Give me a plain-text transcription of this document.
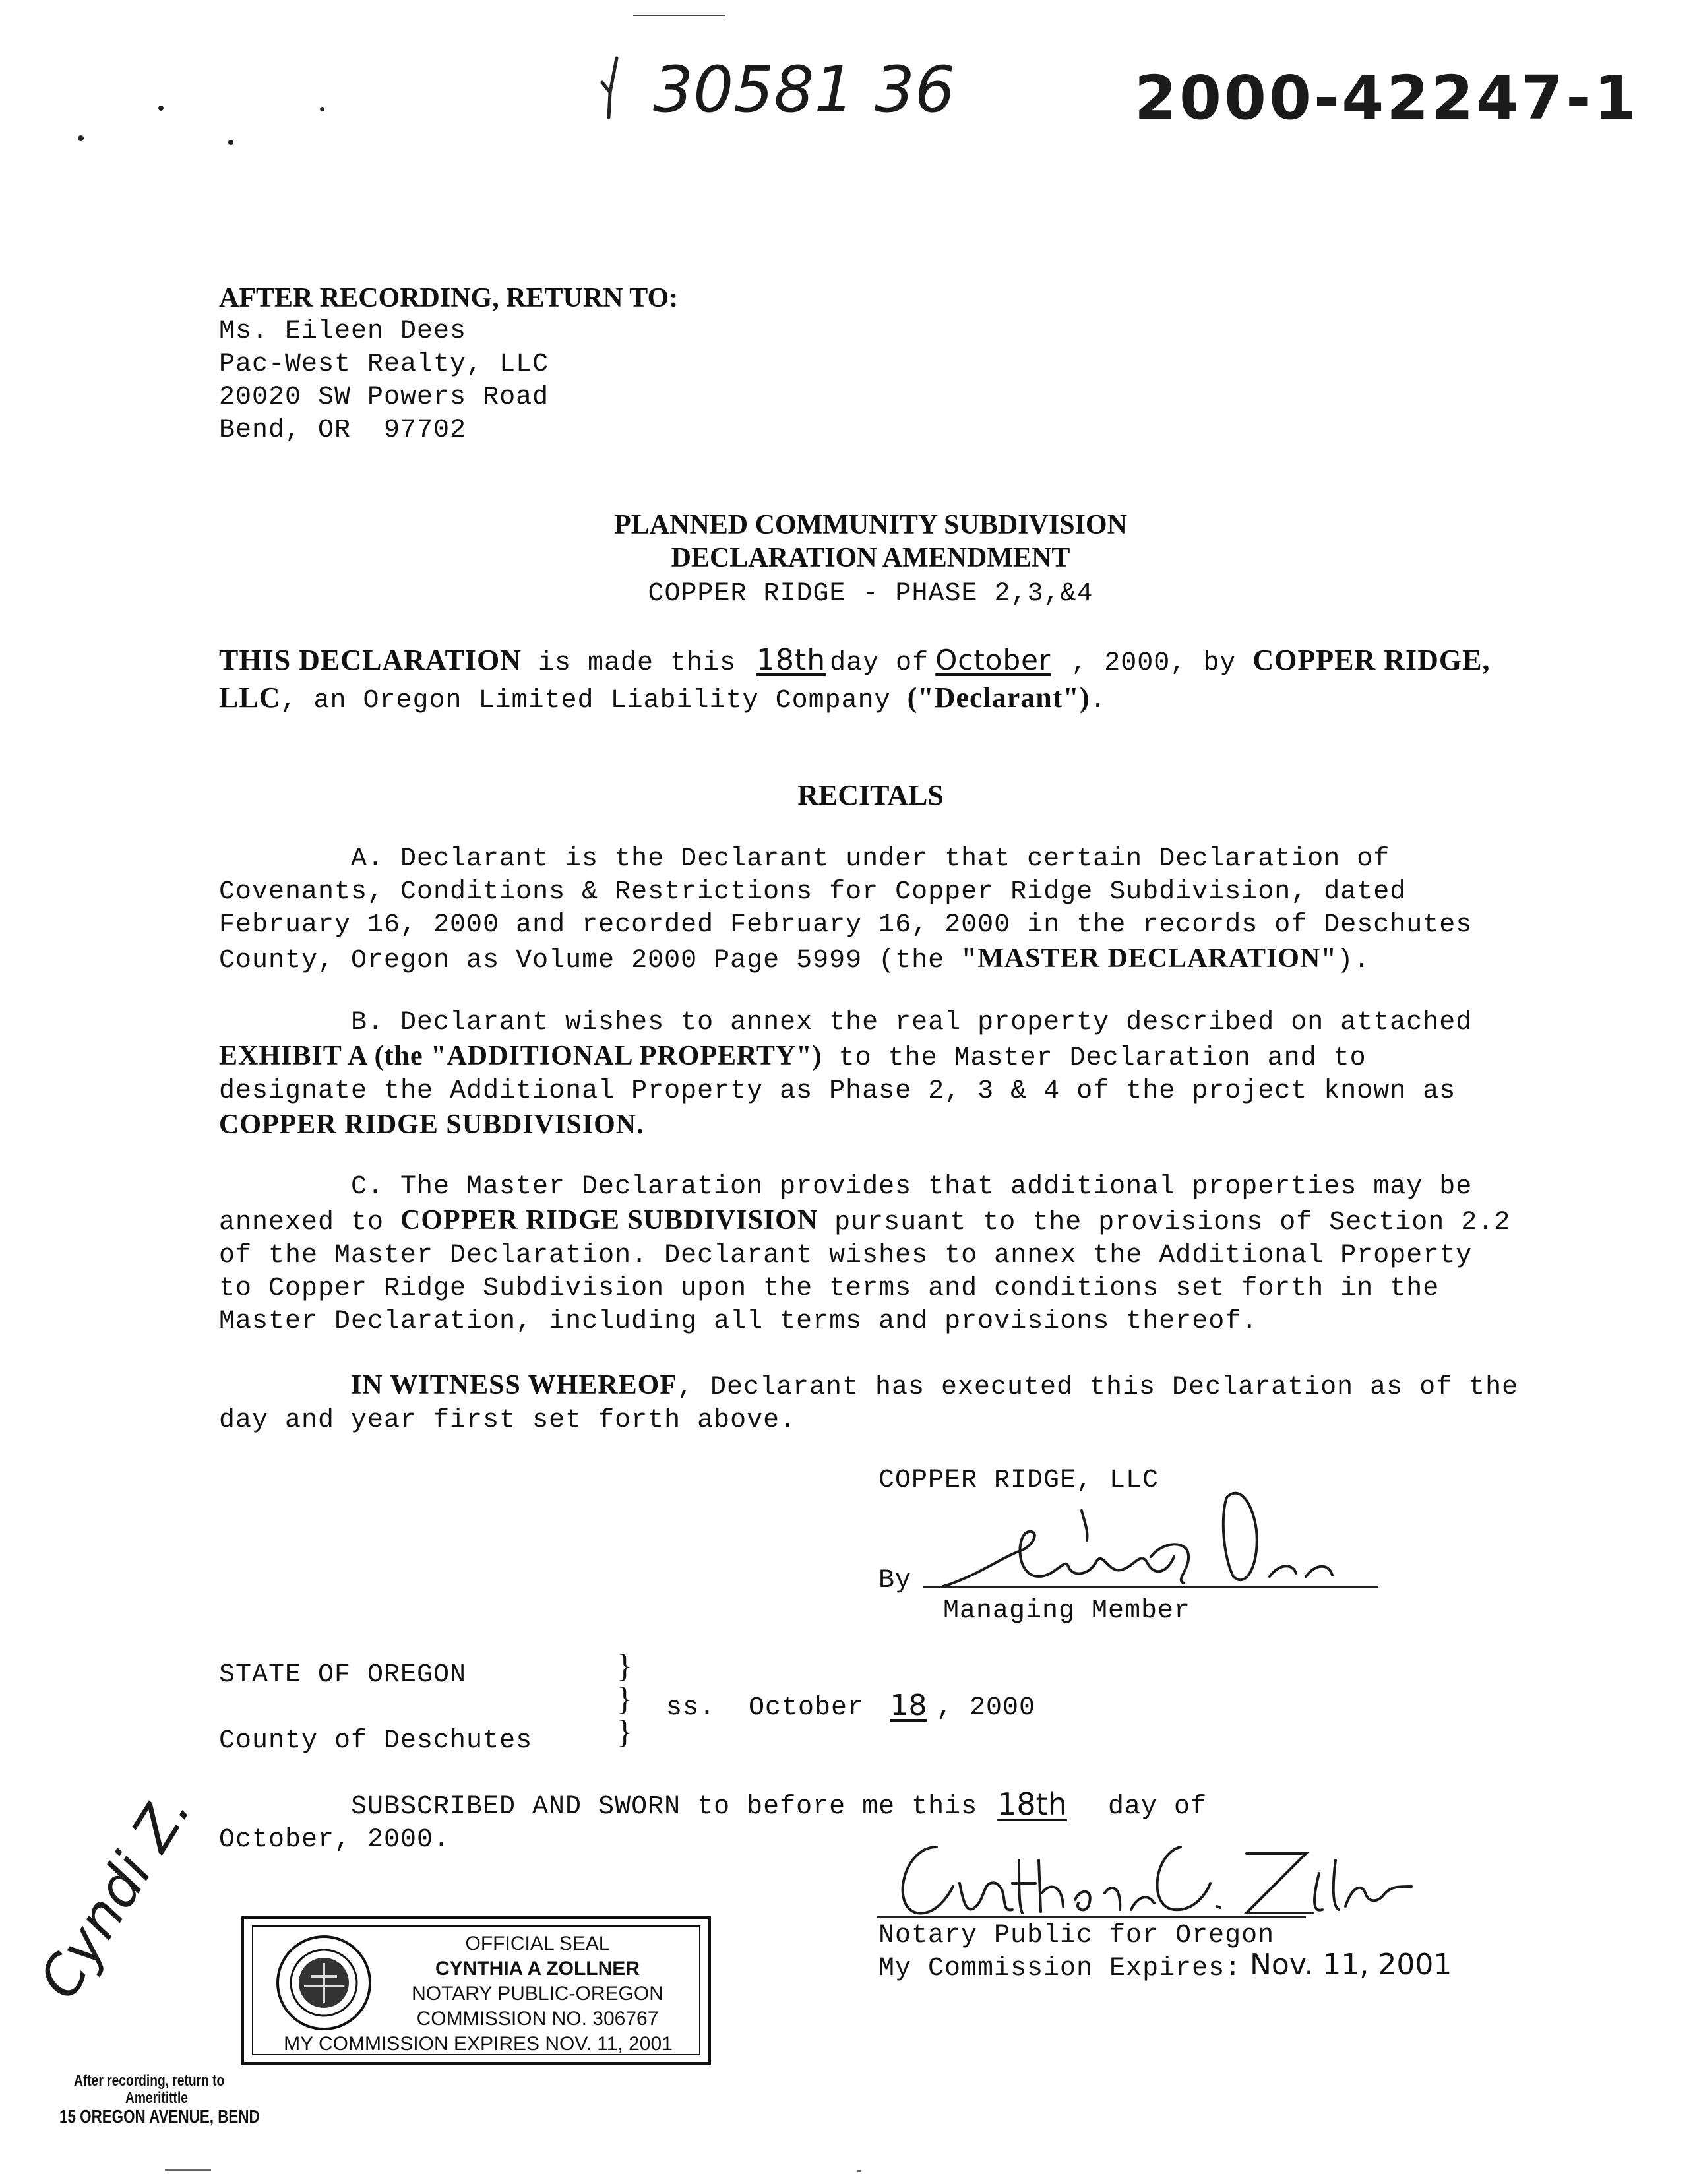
30581 36	2000-42247-1
AFTER RECORDING, RETURN TO:
Ms. Eileen Dees
Pac-West Realty, LLC
20020 SW Powers Road
Bend, OR  97702
PLANNED COMMUNITY SUBDIVISION
DECLARATION AMENDMENT
COPPER RIDGE - PHASE 2,3,&4
THIS DECLARATION is made this 18th day of October , 2000, by COPPER RIDGE, LLC, an Oregon Limited Liability Company ("Declarant").
RECITALS
A. Declarant is the Declarant under that certain Declaration of Covenants, Conditions & Restrictions for Copper Ridge Subdivision, dated February 16, 2000 and recorded February 16, 2000 in the records of Deschutes County, Oregon as Volume 2000 Page 5999 (the "MASTER DECLARATION").
B. Declarant wishes to annex the real property described on attached EXHIBIT A (the "ADDITIONAL PROPERTY") to the Master Declaration and to designate the Additional Property as Phase 2, 3 & 4 of the project known as COPPER RIDGE SUBDIVISION.
C. The Master Declaration provides that additional properties may be annexed to COPPER RIDGE SUBDIVISION pursuant to the provisions of Section 2.2 of the Master Declaration. Declarant wishes to annex the Additional Property to Copper Ridge Subdivision upon the terms and conditions set forth in the Master Declaration, including all terms and provisions thereof.
IN WITNESS WHEREOF, Declarant has executed this Declaration as of the day and year first set forth above.
COPPER RIDGE, LLC
By
Managing Member
STATE OF OREGON
County of Deschutes
}
}
}
ss. October 18 , 2000
SUBSCRIBED AND SWORN to before me this 18th	day of
October, 2000.
Notary Public for Oregon
My Commission Expires: Nov. 11, 2001
OFFICIAL SEAL
CYNTHIA A ZOLLNER
NOTARY PUBLIC-OREGON
COMMISSION NO. 306767
MY COMMISSION EXPIRES NOV. 11, 2001
Cyndi Z.
After recording, return to
Ameritittle
15 OREGON AVENUE, BEND
